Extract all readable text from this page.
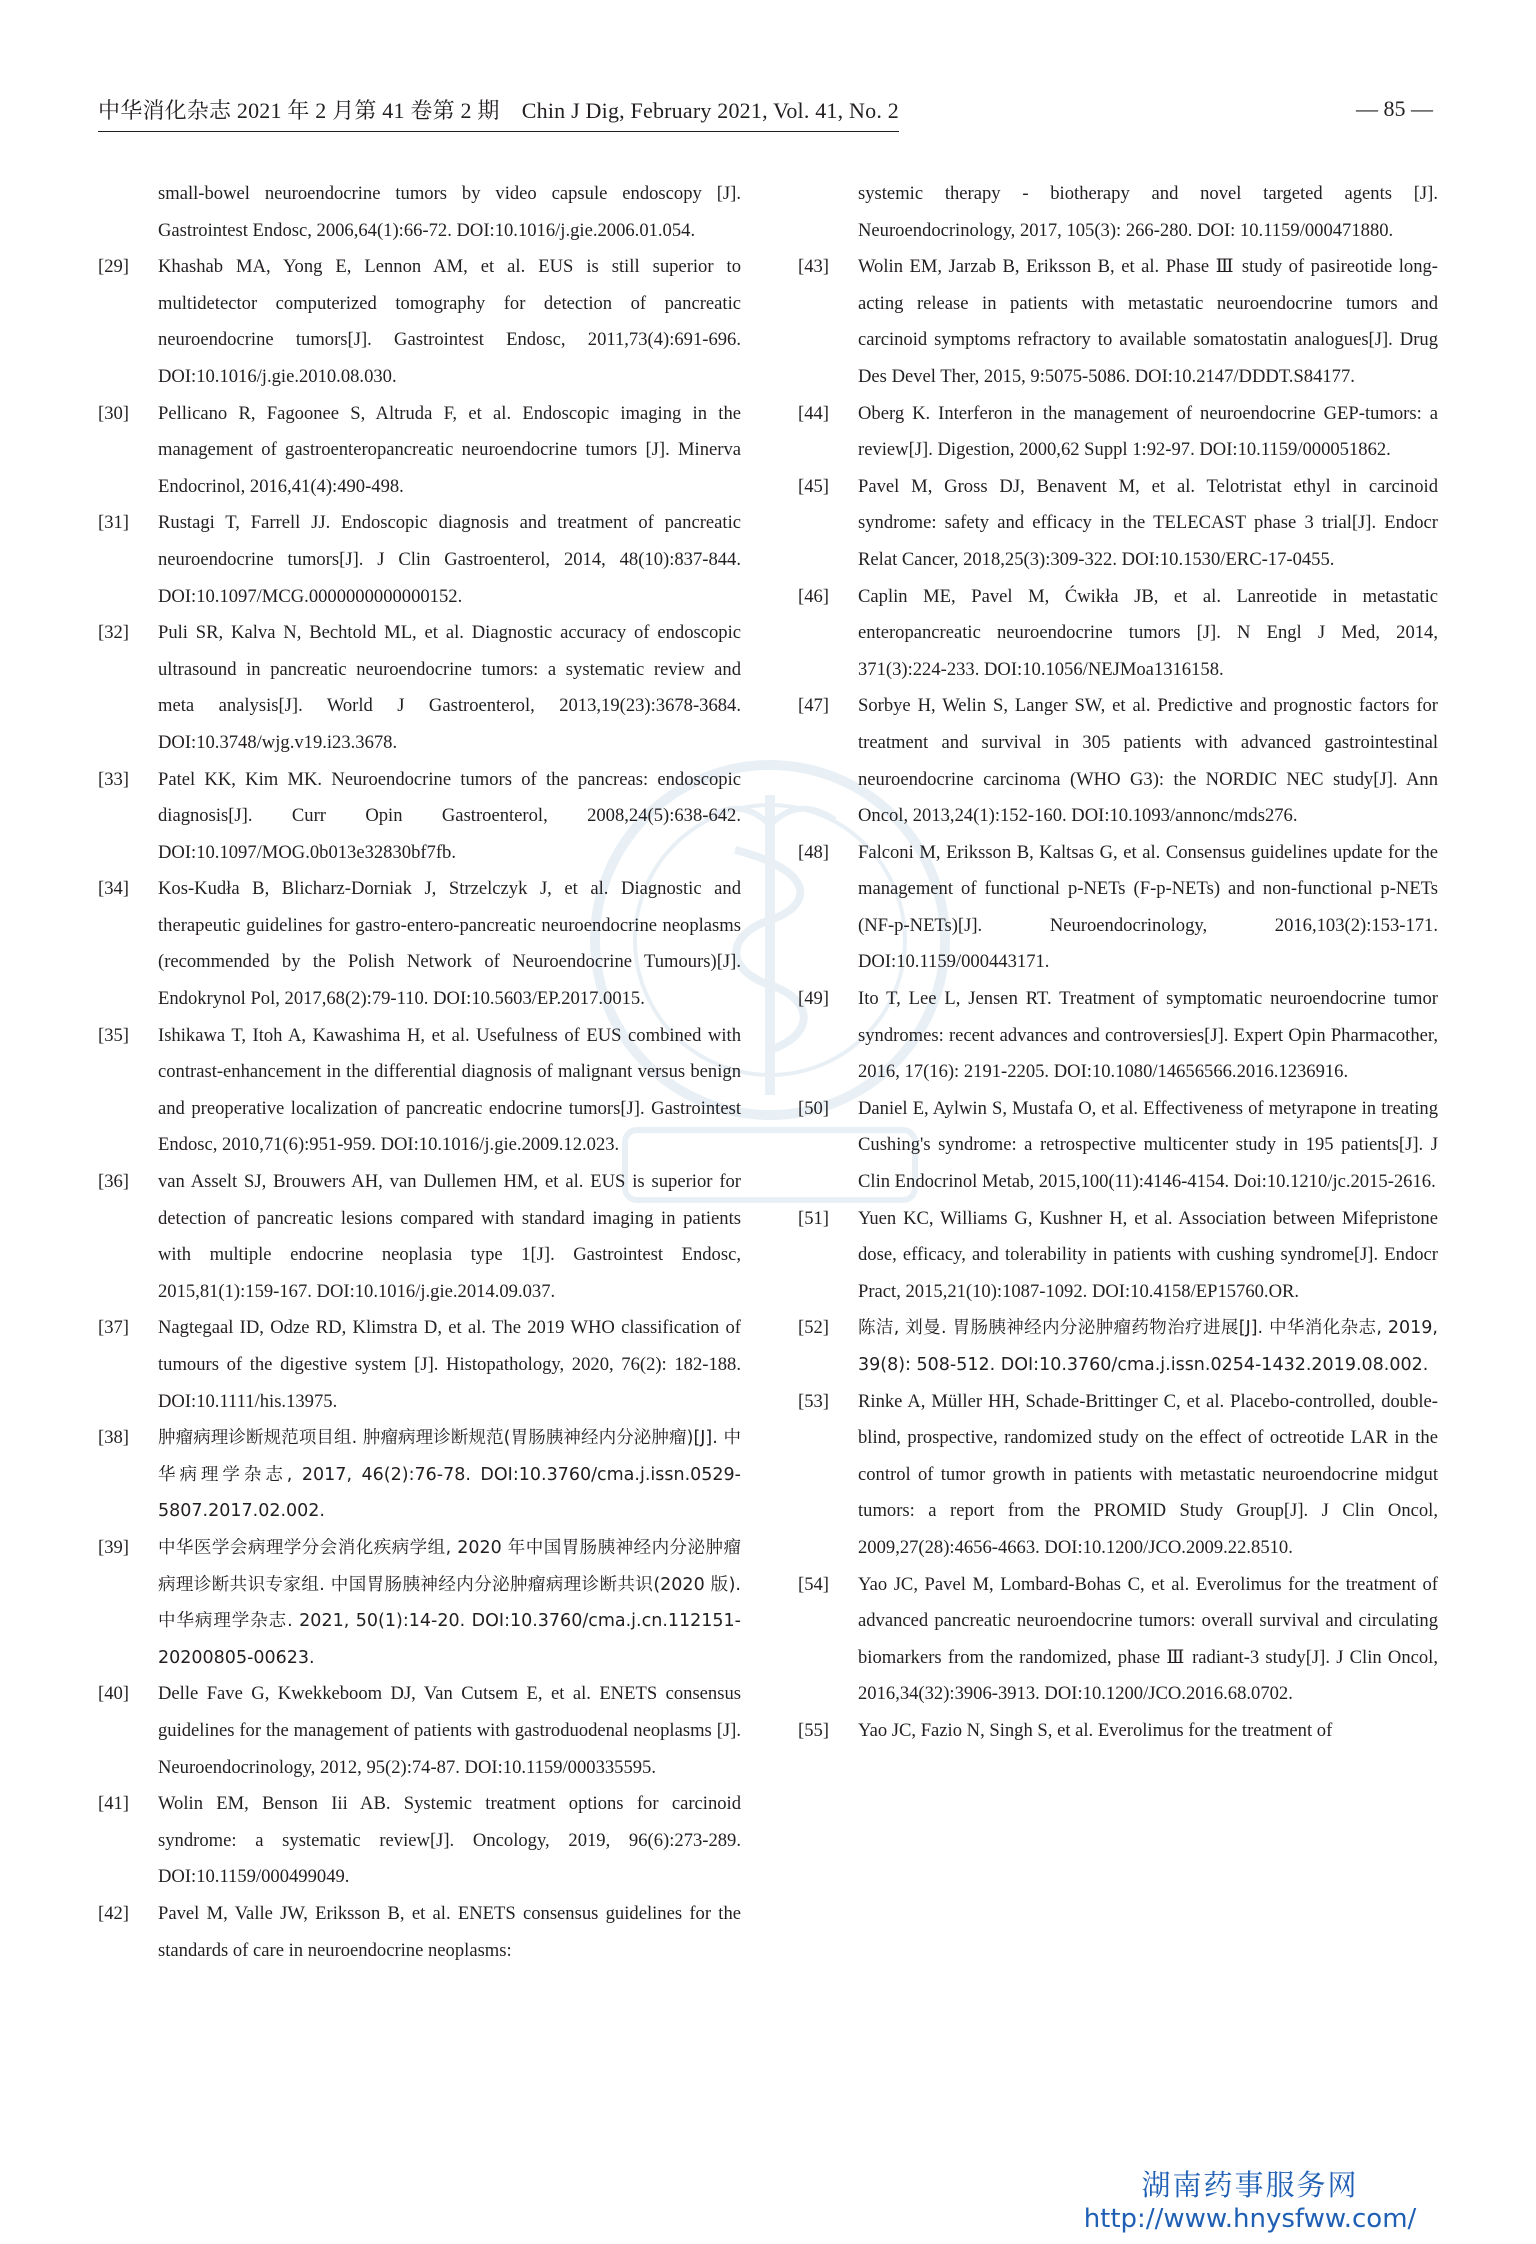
中华消化杂志 2021 年 2 月第 41 卷第 2 期　Chin J Dig, February 2021, Vol. 41, No. 2	— 85 —
small-bowel neuroendocrine tumors by video capsule endoscopy [J]. Gastrointest Endosc, 2006,64(1):66-72. DOI:10.1016/j.gie.2006.01.054.
[29]	Khashab MA, Yong E, Lennon AM, et al. EUS is still superior to multidetector computerized tomography for detection of pancreatic neuroendocrine tumors[J]. Gastrointest Endosc, 2011,73(4):691-696. DOI:10.1016/j.gie.2010.08.030.
[30]	Pellicano R, Fagoonee S, Altruda F, et al. Endoscopic imaging in the management of gastroenteropancreatic neuroendocrine tumors [J]. Minerva Endocrinol, 2016,41(4):490-498.
[31]	Rustagi T, Farrell JJ. Endoscopic diagnosis and treatment of pancreatic neuroendocrine tumors[J]. J Clin Gastroenterol, 2014, 48(10):837-844. DOI:10.1097/MCG.0000000000000152.
[32]	Puli SR, Kalva N, Bechtold ML, et al. Diagnostic accuracy of endoscopic ultrasound in pancreatic neuroendocrine tumors: a systematic review and meta analysis[J]. World J Gastroenterol, 2013,19(23):3678-3684. DOI:10.3748/wjg.v19.i23.3678.
[33]	Patel KK, Kim MK. Neuroendocrine tumors of the pancreas: endoscopic diagnosis[J]. Curr Opin Gastroenterol, 2008,24(5):638-642. DOI:10.1097/MOG.0b013e32830bf7fb.
[34]	Kos-Kudła B, Blicharz-Dorniak J, Strzelczyk J, et al. Diagnostic and therapeutic guidelines for gastro-entero-pancreatic neuroendocrine neoplasms (recommended by the Polish Network of Neuroendocrine Tumours)[J]. Endokrynol Pol, 2017,68(2):79-110. DOI:10.5603/EP.2017.0015.
[35]	Ishikawa T, Itoh A, Kawashima H, et al. Usefulness of EUS combined with contrast-enhancement in the differential diagnosis of malignant versus benign and preoperative localization of pancreatic endocrine tumors[J]. Gastrointest Endosc, 2010,71(6):951-959. DOI:10.1016/j.gie.2009.12.023.
[36]	van Asselt SJ, Brouwers AH, van Dullemen HM, et al. EUS is superior for detection of pancreatic lesions compared with standard imaging in patients with multiple endocrine neoplasia type 1[J]. Gastrointest Endosc, 2015,81(1):159-167. DOI:10.1016/j.gie.2014.09.037.
[37]	Nagtegaal ID, Odze RD, Klimstra D, et al. The 2019 WHO classification of tumours of the digestive system [J]. Histopathology, 2020, 76(2): 182-188. DOI:10.1111/his.13975.
[38]	肿瘤病理诊断规范项目组. 肿瘤病理诊断规范(胃肠胰神经内分泌肿瘤)[J]. 中华病理学杂志, 2017, 46(2):76-78. DOI:10.3760/cma.j.issn.0529-5807.2017.02.002.
[39]	中华医学会病理学分会消化疾病学组, 2020 年中国胃肠胰神经内分泌肿瘤病理诊断共识专家组. 中国胃肠胰神经内分泌肿瘤病理诊断共识(2020 版). 中华病理学杂志. 2021, 50(1):14-20. DOI:10.3760/cma.j.cn.112151-20200805-00623.
[40]	Delle Fave G, Kwekkeboom DJ, Van Cutsem E, et al. ENETS consensus guidelines for the management of patients with gastroduodenal neoplasms [J]. Neuroendocrinology, 2012, 95(2):74-87. DOI:10.1159/000335595.
[41]	Wolin EM, Benson Iii AB. Systemic treatment options for carcinoid syndrome: a systematic review[J]. Oncology, 2019, 96(6):273-289. DOI:10.1159/000499049.
[42]	Pavel M, Valle JW, Eriksson B, et al. ENETS consensus guidelines for the standards of care in neuroendocrine neoplasms:
systemic therapy - biotherapy and novel targeted agents [J]. Neuroendocrinology, 2017, 105(3): 266-280. DOI: 10.1159/000471880.
[43]	Wolin EM, Jarzab B, Eriksson B, et al. Phase Ⅲ study of pasireotide long-acting release in patients with metastatic neuroendocrine tumors and carcinoid symptoms refractory to available somatostatin analogues[J]. Drug Des Devel Ther, 2015, 9:5075-5086. DOI:10.2147/DDDT.S84177.
[44]	Oberg K. Interferon in the management of neuroendocrine GEP-tumors: a review[J]. Digestion, 2000,62 Suppl 1:92-97. DOI:10.1159/000051862.
[45]	Pavel M, Gross DJ, Benavent M, et al. Telotristat ethyl in carcinoid syndrome: safety and efficacy in the TELECAST phase 3 trial[J]. Endocr Relat Cancer, 2018,25(3):309-322. DOI:10.1530/ERC-17-0455.
[46]	Caplin ME, Pavel M, Ćwikła JB, et al. Lanreotide in metastatic enteropancreatic neuroendocrine tumors [J]. N Engl J Med, 2014, 371(3):224-233. DOI:10.1056/NEJMoa1316158.
[47]	Sorbye H, Welin S, Langer SW, et al. Predictive and prognostic factors for treatment and survival in 305 patients with advanced gastrointestinal neuroendocrine carcinoma (WHO G3): the NORDIC NEC study[J]. Ann Oncol, 2013,24(1):152-160. DOI:10.1093/annonc/mds276.
[48]	Falconi M, Eriksson B, Kaltsas G, et al. Consensus guidelines update for the management of functional p-NETs (F-p-NETs) and non-functional p-NETs (NF-p-NETs)[J]. Neuroendocrinology, 2016,103(2):153-171. DOI:10.1159/000443171.
[49]	Ito T, Lee L, Jensen RT. Treatment of symptomatic neuroendocrine tumor syndromes: recent advances and controversies[J]. Expert Opin Pharmacother, 2016, 17(16): 2191-2205. DOI:10.1080/14656566.2016.1236916.
[50]	Daniel E, Aylwin S, Mustafa O, et al. Effectiveness of metyrapone in treating Cushing's syndrome: a retrospective multicenter study in 195 patients[J]. J Clin Endocrinol Metab, 2015,100(11):4146-4154. Doi:10.1210/jc.2015-2616.
[51]	Yuen KC, Williams G, Kushner H, et al. Association between Mifepristone dose, efficacy, and tolerability in patients with cushing syndrome[J]. Endocr Pract, 2015,21(10):1087-1092. DOI:10.4158/EP15760.OR.
[52]	陈洁, 刘曼. 胃肠胰神经内分泌肿瘤药物治疗进展[J]. 中华消化杂志, 2019, 39(8): 508-512. DOI:10.3760/cma.j.issn.0254-1432.2019.08.002.
[53]	Rinke A, Müller HH, Schade-Brittinger C, et al. Placebo-controlled, double-blind, prospective, randomized study on the effect of octreotide LAR in the control of tumor growth in patients with metastatic neuroendocrine midgut tumors: a report from the PROMID Study Group[J]. J Clin Oncol, 2009,27(28):4656-4663. DOI:10.1200/JCO.2009.22.8510.
[54]	Yao JC, Pavel M, Lombard-Bohas C, et al. Everolimus for the treatment of advanced pancreatic neuroendocrine tumors: overall survival and circulating biomarkers from the randomized, phase Ⅲ radiant-3 study[J]. J Clin Oncol, 2016,34(32):3906-3913. DOI:10.1200/JCO.2016.68.0702.
[55]	Yao JC, Fazio N, Singh S, et al. Everolimus for the treatment of
湖南药事服务网
http://www.hnysfww.com/
